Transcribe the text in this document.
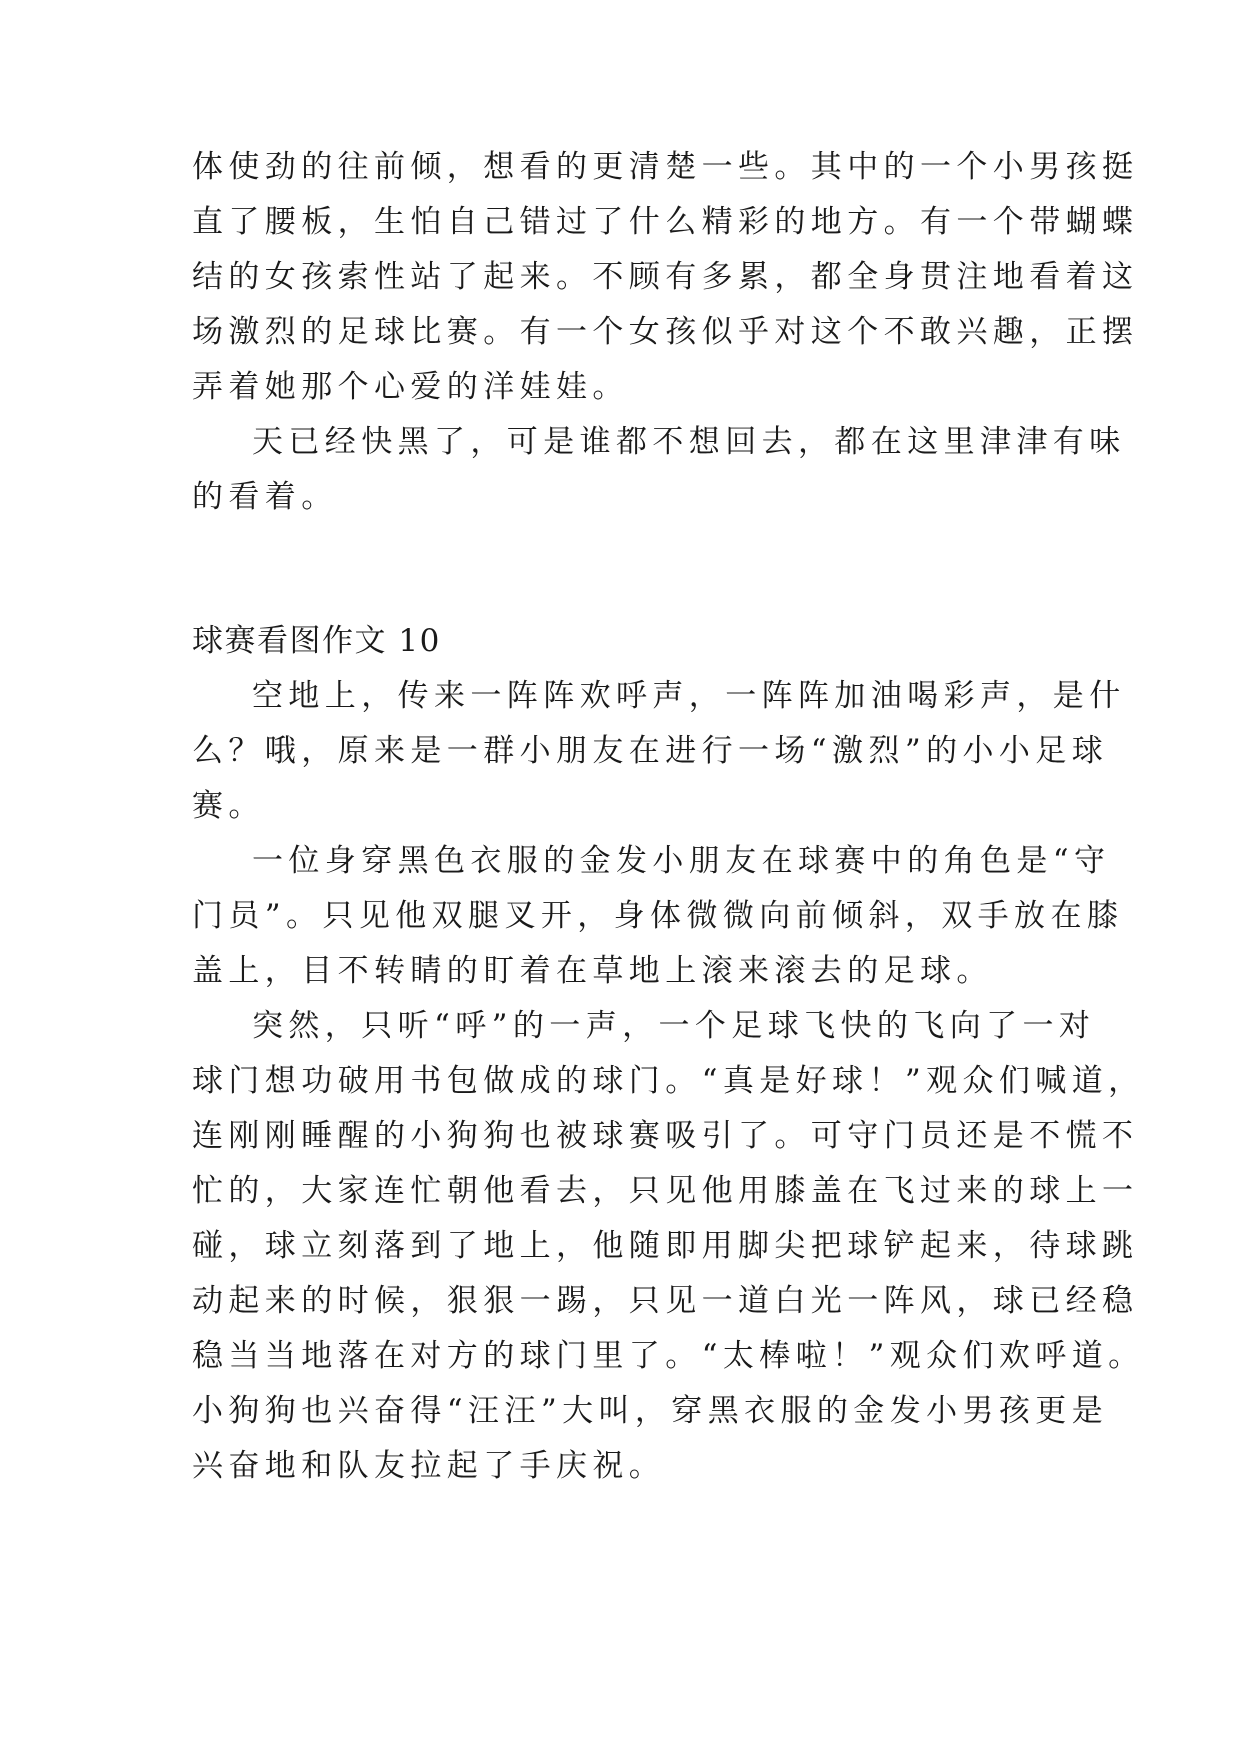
体使劲的往前倾，想看的更清楚一些。其中的一个小男孩挺
直了腰板，生怕自己错过了什么精彩的地方。有一个带蝴蝶
结的女孩索性站了起来。不顾有多累，都全身贯注地看着这
场激烈的足球比赛。有一个女孩似乎对这个不敢兴趣，正摆
弄着她那个心爱的洋娃娃。
天已经快黑了，可是谁都不想回去，都在这里津津有味
的看着。
球赛看图作文 10
空地上，传来一阵阵欢呼声，一阵阵加油喝彩声，是什
么？哦，原来是一群小朋友在进行一场“激烈”的小小足球
赛。
一位身穿黑色衣服的金发小朋友在球赛中的角色是“守
门员”。只见他双腿叉开，身体微微向前倾斜，双手放在膝
盖上，目不转睛的盯着在草地上滚来滚去的足球。
突然，只听“呼”的一声，一个足球飞快的飞向了一对
球门想功破用书包做成的球门。“真是好球！”观众们喊道，
连刚刚睡醒的小狗狗也被球赛吸引了。可守门员还是不慌不
忙的，大家连忙朝他看去，只见他用膝盖在飞过来的球上一
碰，球立刻落到了地上，他随即用脚尖把球铲起来，待球跳
动起来的时候，狠狠一踢，只见一道白光一阵风，球已经稳
稳当当地落在对方的球门里了。“太棒啦！”观众们欢呼道。
小狗狗也兴奋得“汪汪”大叫，穿黑衣服的金发小男孩更是
兴奋地和队友拉起了手庆祝。
